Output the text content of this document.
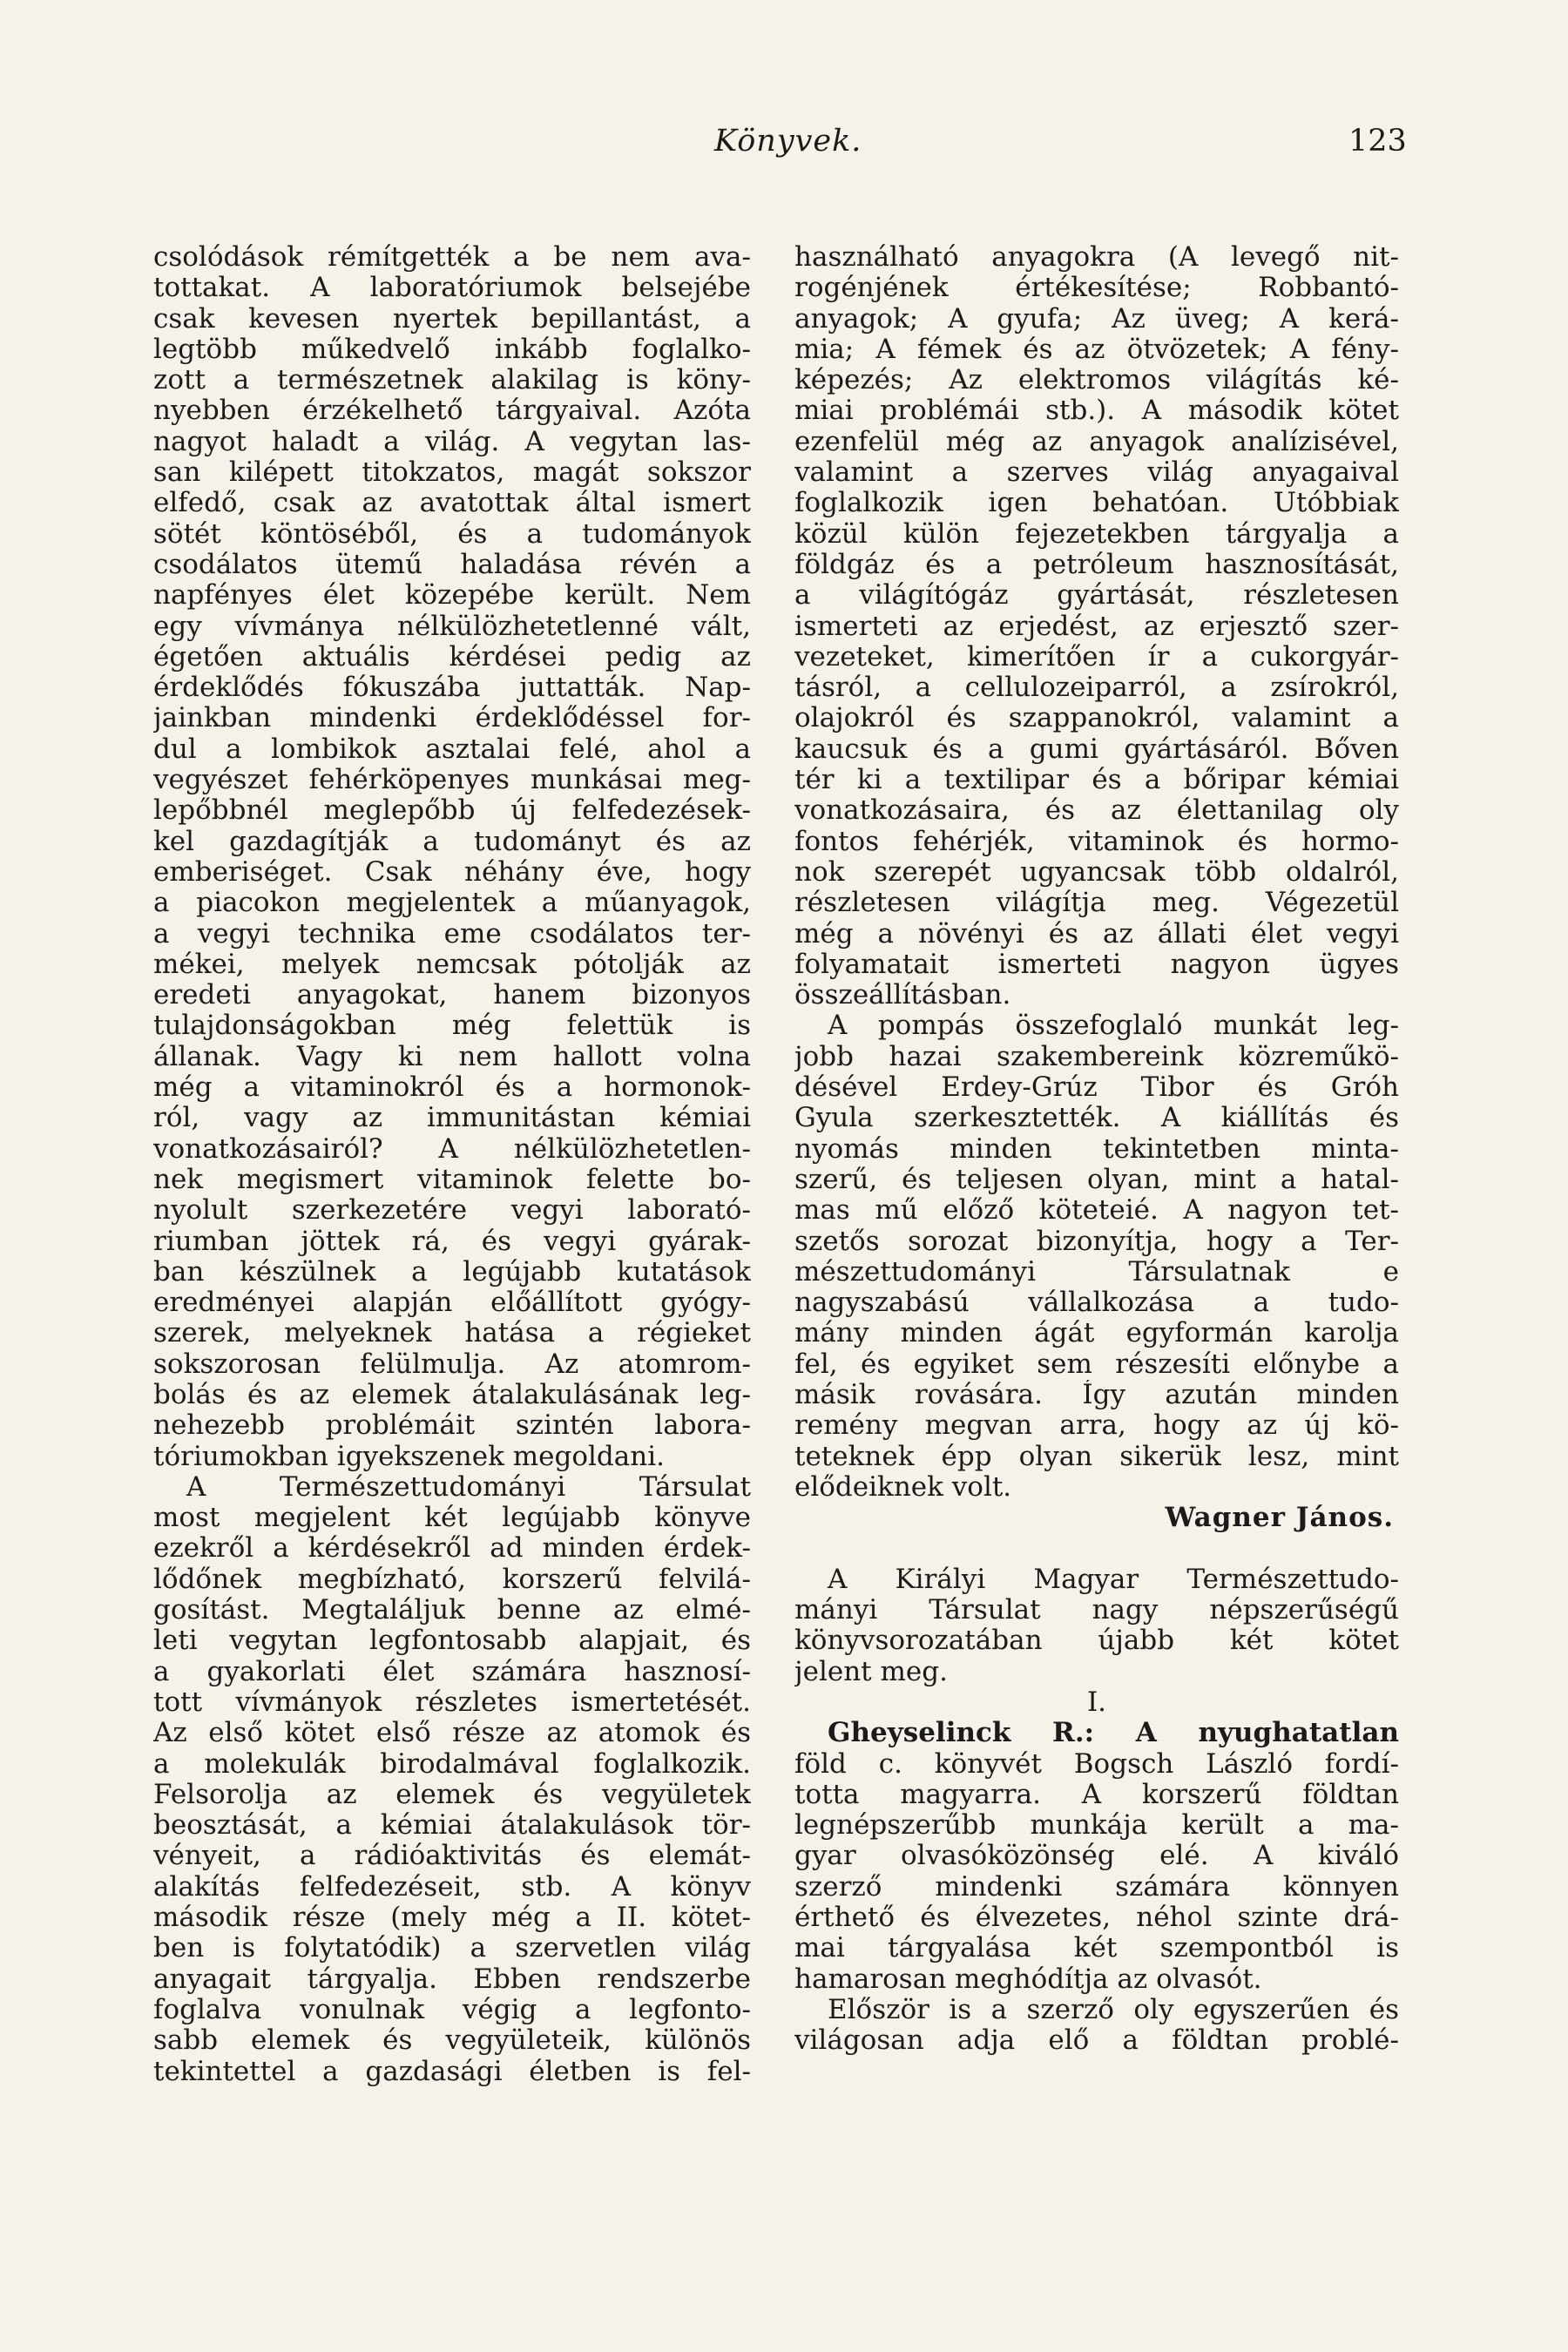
Könyvek.	123
csolódások rémítgették a be nem ava-
tottakat. A laboratóriumok belsejébe
csak kevesen nyertek bepillantást, a
legtöbb műkedvelő inkább foglalko-
zott a természetnek alakilag is köny-
nyebben érzékelhető tárgyaival. Azóta
nagyot haladt a világ. A vegytan las-
san kilépett titokzatos, magát sokszor
elfedő, csak az avatottak által ismert
sötét köntöséből, és a tudományok
csodálatos ütemű haladása révén a
napfényes élet közepébe került. Nem
egy vívmánya nélkülözhetetlenné vált,
égetően aktuális kérdései pedig az
érdeklődés fókuszába juttatták. Nap-
jainkban mindenki érdeklődéssel for-
dul a lombikok asztalai felé, ahol a
vegyészet fehérköpenyes munkásai meg-
lepőbbnél meglepőbb új felfedezések-
kel gazdagítják a tudományt és az
emberiséget. Csak néhány éve, hogy
a piacokon megjelentek a műanyagok,
a vegyi technika eme csodálatos ter-
mékei, melyek nemcsak pótolják az
eredeti anyagokat, hanem bizonyos
tulajdonságokban még felettük is
állanak. Vagy ki nem hallott volna
még a vitaminokról és a hormonok-
ról, vagy az immunitástan kémiai
vonatkozásairól? A nélkülözhetetlen-
nek megismert vitaminok felette bo-
nyolult szerkezetére vegyi laborató-
riumban jöttek rá, és vegyi gyárak-
ban készülnek a legújabb kutatások
eredményei alapján előállított gyógy-
szerek, melyeknek hatása a régieket
sokszorosan felülmulja. Az atomrom-
bolás és az elemek átalakulásának leg-
nehezebb problémáit szintén labora-
tóriumokban igyekszenek megoldani.
A Természettudományi Társulat
most megjelent két legújabb könyve
ezekről a kérdésekről ad minden érdek-
lődőnek megbízható, korszerű felvilá-
gosítást. Megtaláljuk benne az elmé-
leti vegytan legfontosabb alapjait, és
a gyakorlati élet számára hasznosí-
tott vívmányok részletes ismertetését.
Az első kötet első része az atomok és
a molekulák birodalmával foglalkozik.
Felsorolja az elemek és vegyületek
beosztását, a kémiai átalakulások tör-
vényeit, a rádióaktivitás és elemát-
alakítás felfedezéseit, stb. A könyv
második része (mely még a II. kötet-
ben is folytatódik) a szervetlen világ
anyagait tárgyalja. Ebben rendszerbe
foglalva vonulnak végig a legfonto-
sabb elemek és vegyületeik, különös
tekintettel a gazdasági életben is fel-
használható anyagokra (A levegő nit-
rogénjének értékesítése; Robbantó-
anyagok; A gyufa; Az üveg; A kerá-
mia; A fémek és az ötvözetek; A fény-
képezés; Az elektromos világítás ké-
miai problémái stb.). A második kötet
ezenfelül még az anyagok analízisével,
valamint a szerves világ anyagaival
foglalkozik igen behatóan. Utóbbiak
közül külön fejezetekben tárgyalja a
földgáz és a petróleum hasznosítását,
a világítógáz gyártását, részletesen
ismerteti az erjedést, az erjesztő szer-
vezeteket, kimerítően ír a cukorgyár-
tásról, a cellulozeiparról, a zsírokról,
olajokról és szappanokról, valamint a
kaucsuk és a gumi gyártásáról. Bőven
tér ki a textilipar és a bőripar kémiai
vonatkozásaira, és az élettanilag oly
fontos fehérjék, vitaminok és hormo-
nok szerepét ugyancsak több oldalról,
részletesen világítja meg. Végezetül
még a növényi és az állati élet vegyi
folyamatait ismerteti nagyon ügyes
összeállításban.
A pompás összefoglaló munkát leg-
jobb hazai szakembereink közreműkö-
désével Erdey-Grúz Tibor és Gróh
Gyula szerkesztették. A kiállítás és
nyomás minden tekintetben minta-
szerű, és teljesen olyan, mint a hatal-
mas mű előző köteteié. A nagyon tet-
szetős sorozat bizonyítja, hogy a Ter-
mészettudományi Társulatnak e
nagyszabású vállalkozása a tudo-
mány minden ágát egyformán karolja
fel, és egyiket sem részesíti előnybe a
másik rovására. Így azután minden
remény megvan arra, hogy az új kö-
teteknek épp olyan sikerük lesz, mint
elődeiknek volt.
Wagner János.
A Királyi Magyar Természettudo-
mányi Társulat nagy népszerűségű
könyvsorozatában újabb két kötet
jelent meg.
I.
Gheyselinck R.: A nyughatatlan
föld c. könyvét Bogsch László fordí-
totta magyarra. A korszerű földtan
legnépszerűbb munkája került a ma-
gyar olvasóközönség elé. A kiváló
szerző mindenki számára könnyen
érthető és élvezetes, néhol szinte drá-
mai tárgyalása két szempontból is
hamarosan meghódítja az olvasót.
Először is a szerző oly egyszerűen és
világosan adja elő a földtan problé-
